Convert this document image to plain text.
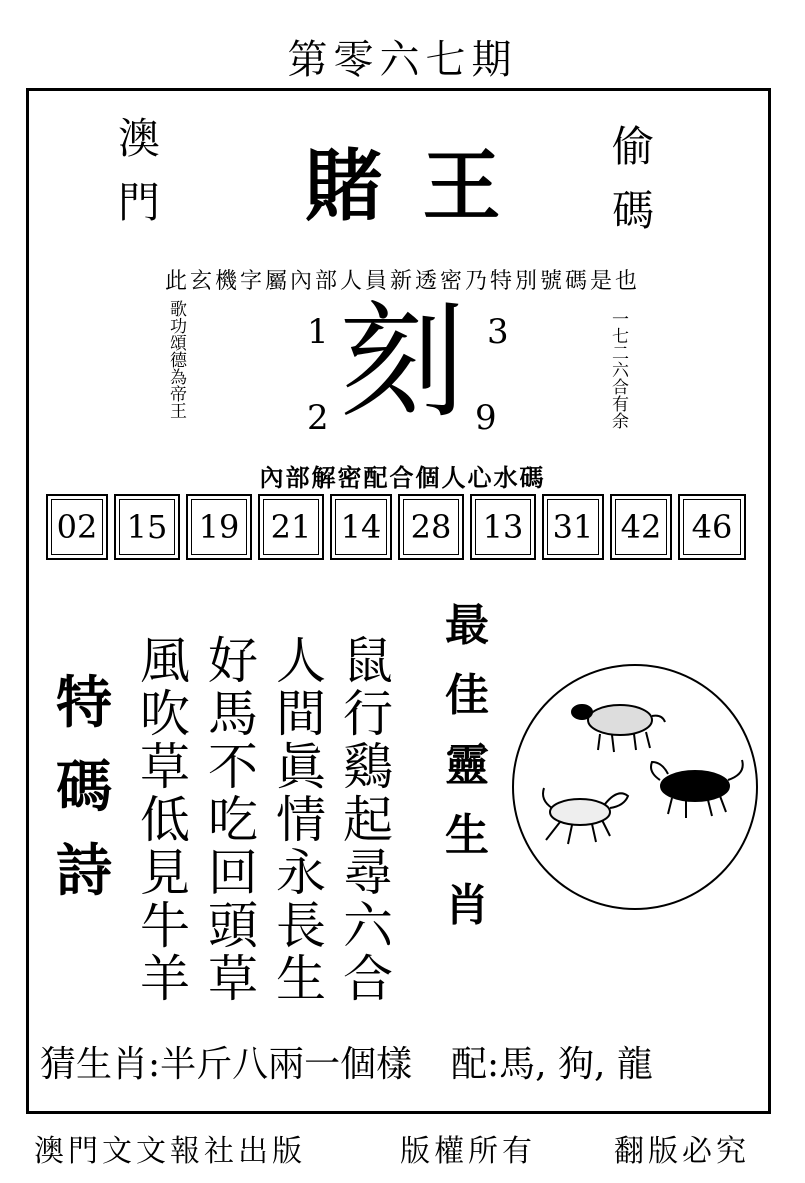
第零六七期
澳
門	賭王	偷
碼
此玄機字屬內部人員新透密乃特別號碼是也
歌
功
頌
德
為
帝
王
1	3
刻
2	9
一
七
二
六
合
有
余
內部解密配合個人心水碼
02 15 19 21 14 28 13 31 42 46
特
碼
詩
風
吹
草
低
見
牛
羊
好
馬
不
吃
回
頭
草
人
間
眞
情
永
長
生
鼠
行
鷄
起
尋
六
合
最
佳
靈
生
肖
猜生肖:半斤八兩一個樣 配:馬, 狗, 龍
澳門文文報社出版	版權所有	翻版必究
